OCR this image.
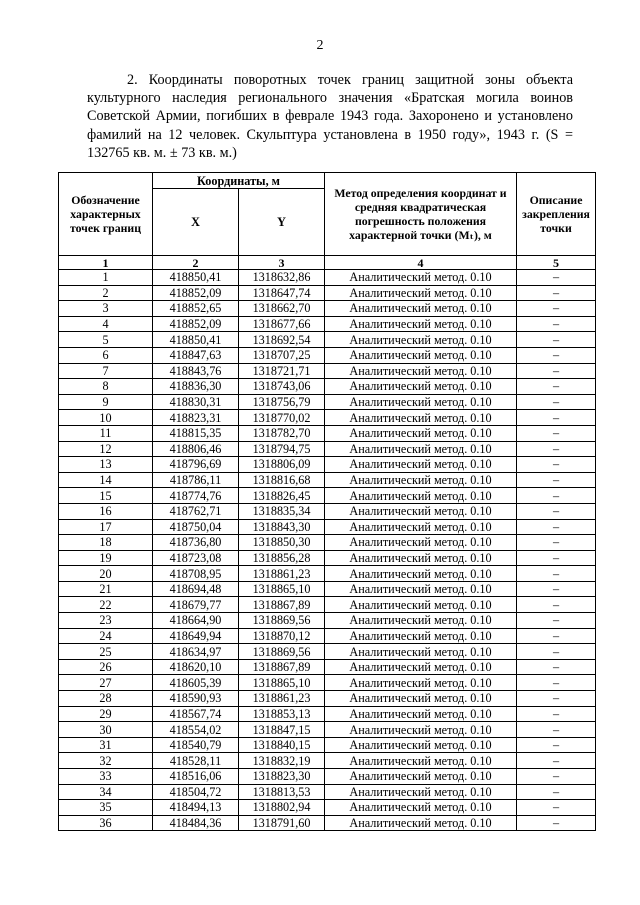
2

2. Координаты поворотных точек границ защитной зоны объекта культурного наследия регионального значения «Братская могила воинов Советской Армии, погибших в феврале 1943 года. Захоронено и установлено фамилий на 12 человек. Скульптура установлена в 1950 году», 1943 г. (S = 132765 кв. м. ± 73 кв. м.)

Обозначение характерных точек границ	Координаты, м		Метод определения координат и средняя квадратическая погрешность положения характерной точки (Mₜ), м	Описание закрепления точки
	X	Y		
1	2	3	4	5
1	418850,41	1318632,86	Аналитический метод. 0.10	–
2	418852,09	1318647,74	Аналитический метод. 0.10	–
3	418852,65	1318662,70	Аналитический метод. 0.10	–
4	418852,09	1318677,66	Аналитический метод. 0.10	–
5	418850,41	1318692,54	Аналитический метод. 0.10	–
6	418847,63	1318707,25	Аналитический метод. 0.10	–
7	418843,76	1318721,71	Аналитический метод. 0.10	–
8	418836,30	1318743,06	Аналитический метод. 0.10	–
9	418830,31	1318756,79	Аналитический метод. 0.10	–
10	418823,31	1318770,02	Аналитический метод. 0.10	–
11	418815,35	1318782,70	Аналитический метод. 0.10	–
12	418806,46	1318794,75	Аналитический метод. 0.10	–
13	418796,69	1318806,09	Аналитический метод. 0.10	–
14	418786,11	1318816,68	Аналитический метод. 0.10	–
15	418774,76	1318826,45	Аналитический метод. 0.10	–
16	418762,71	1318835,34	Аналитический метод. 0.10	–
17	418750,04	1318843,30	Аналитический метод. 0.10	–
18	418736,80	1318850,30	Аналитический метод. 0.10	–
19	418723,08	1318856,28	Аналитический метод. 0.10	–
20	418708,95	1318861,23	Аналитический метод. 0.10	–
21	418694,48	1318865,10	Аналитический метод. 0.10	–
22	418679,77	1318867,89	Аналитический метод. 0.10	–
23	418664,90	1318869,56	Аналитический метод. 0.10	–
24	418649,94	1318870,12	Аналитический метод. 0.10	–
25	418634,97	1318869,56	Аналитический метод. 0.10	–
26	418620,10	1318867,89	Аналитический метод. 0.10	–
27	418605,39	1318865,10	Аналитический метод. 0.10	–
28	418590,93	1318861,23	Аналитический метод. 0.10	–
29	418567,74	1318853,13	Аналитический метод. 0.10	–
30	418554,02	1318847,15	Аналитический метод. 0.10	–
31	418540,79	1318840,15	Аналитический метод. 0.10	–
32	418528,11	1318832,19	Аналитический метод. 0.10	–
33	418516,06	1318823,30	Аналитический метод. 0.10	–
34	418504,72	1318813,53	Аналитический метод. 0.10	–
35	418494,13	1318802,94	Аналитический метод. 0.10	–
36	418484,36	1318791,60	Аналитический метод. 0.10	–
